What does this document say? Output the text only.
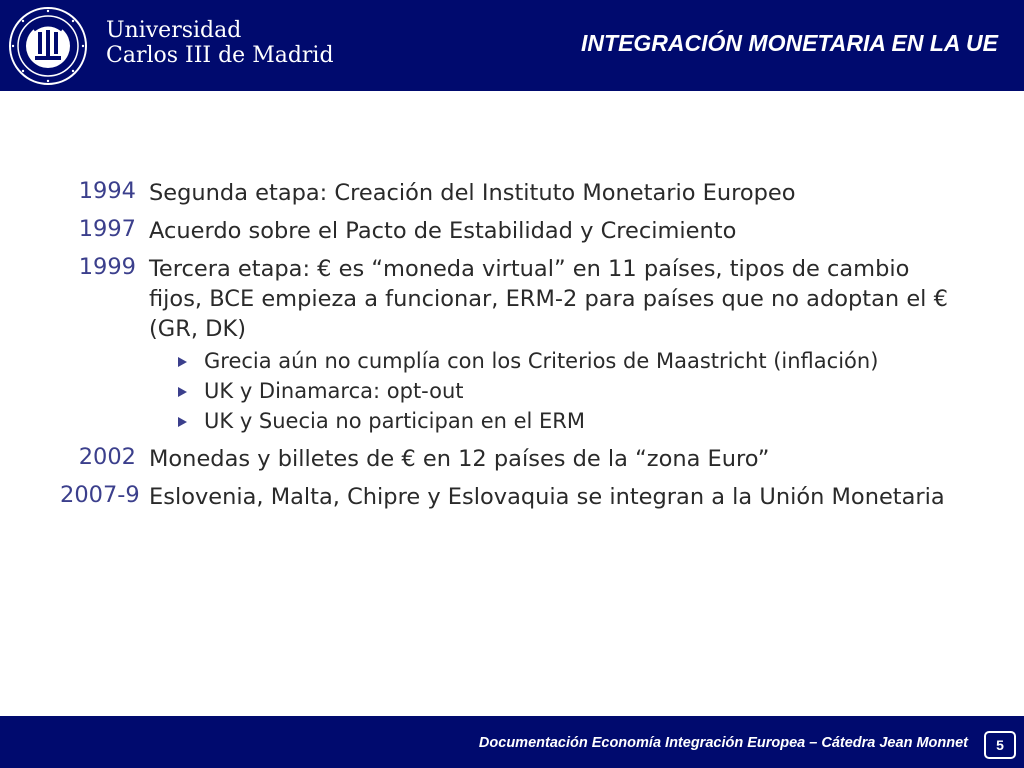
Universidad
Carlos III de Madrid	INTEGRACIÓN MONETARIA EN LA UE
1994 Segunda etapa: Creación del Instituto Monetario Europeo
1997 Acuerdo sobre el Pacto de Estabilidad y Crecimiento
1999 Tercera etapa: € es “moneda virtual” en 11 países, tipos de cambio fijos, BCE empieza a funcionar, ERM-2 para países que no adoptan el €(GR, DK)
Grecia aún no cumplía con los Criterios de Maastricht (inflación)
UK y Dinamarca: opt-out
UK y Suecia no participan en el ERM
2002 Monedas y billetes de € en 12 países de la “zona Euro”
2007-9 Eslovenia, Malta, Chipre y Eslovaquia se integran a la Unión Monetaria
Documentación Economía Integración Europea – Cátedra Jean Monnet	5
